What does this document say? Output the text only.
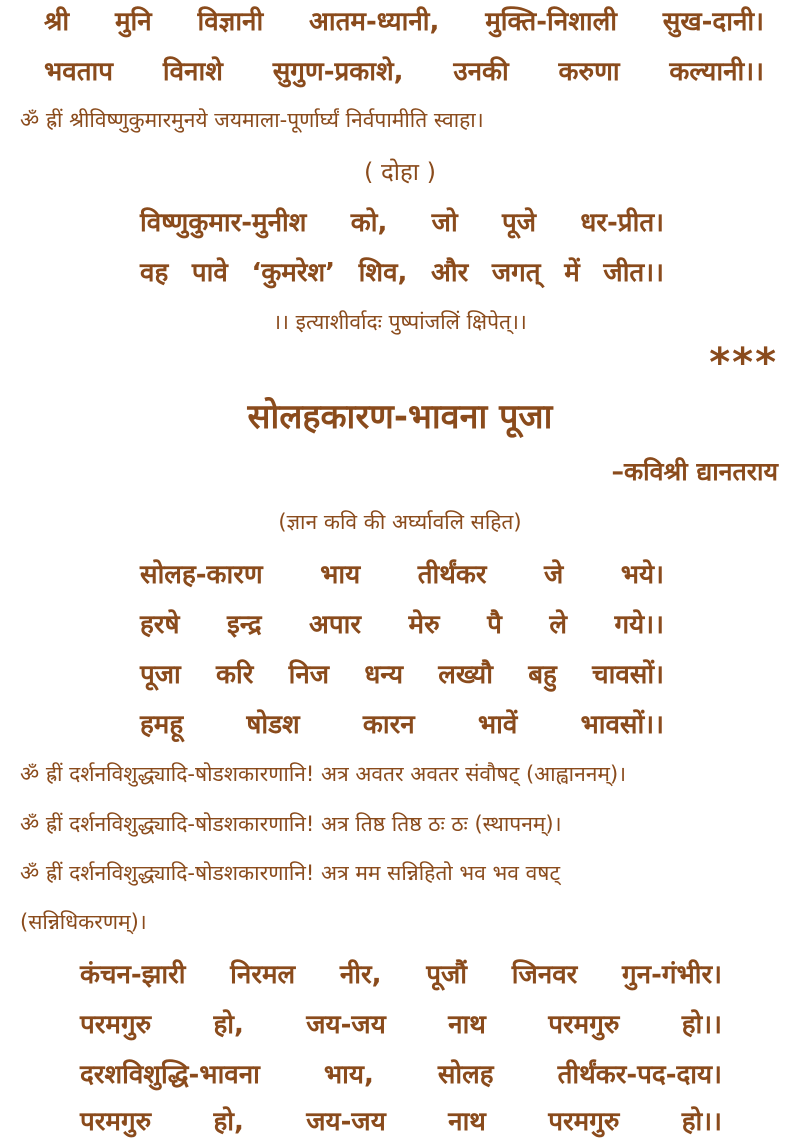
श्री मुनि विज्ञानी आतम-ध्यानी, मुक्ति-निशाली सुख-दानी।
भवताप विनाशे सुगुण-प्रकाशे, उनकी करुणा कल्यानी।।
ॐ ह्रीं श्रीविष्णुकुमारमुनये जयमाला-पूर्णार्घ्यं निर्वपामीति स्वाहा।
( दोहा )
विष्णुकुमार-मुनीश को, जो पूजे धर-प्रीत।
वह पावे ‘कुमरेश’ शिव, और जगत् में जीत।।
।। इत्याशीर्वादः पुष्पांजलिं क्षिपेत्।।
***
सोलहकारण-भावना पूजा
–कविश्री द्यानतराय
(ज्ञान कवि की अर्घ्यावलि सहित)
सोलह-कारण भाय तीर्थंकर जे भये।
हरषे इन्द्र अपार मेरु पै ले गये।।
पूजा करि निज धन्य लख्यौ बहु चावसों।
हमहू षोडश कारन भावें भावसों।।
ॐ ह्रीं दर्शनविशुद्ध्यादि-षोडशकारणानि! अत्र अवतर अवतर संवौषट् (आह्वाननम्)।
ॐ ह्रीं दर्शनविशुद्ध्यादि-षोडशकारणानि! अत्र तिष्ठ तिष्ठ ठः ठः (स्थापनम्)।
ॐ ह्रीं दर्शनविशुद्ध्यादि-षोडशकारणानि! अत्र मम सन्निहितो भव भव वषट्
(सन्निधिकरणम्)।
कंचन-झारी निरमल नीर, पूजौं जिनवर गुन-गंभीर।
परमगुरु हो, जय-जय नाथ परमगुरु हो।।
दरशविशुद्धि-भावना भाय, सोलह तीर्थंकर-पद-दाय।
परमगुरु हो, जय-जय नाथ परमगुरु हो।।
